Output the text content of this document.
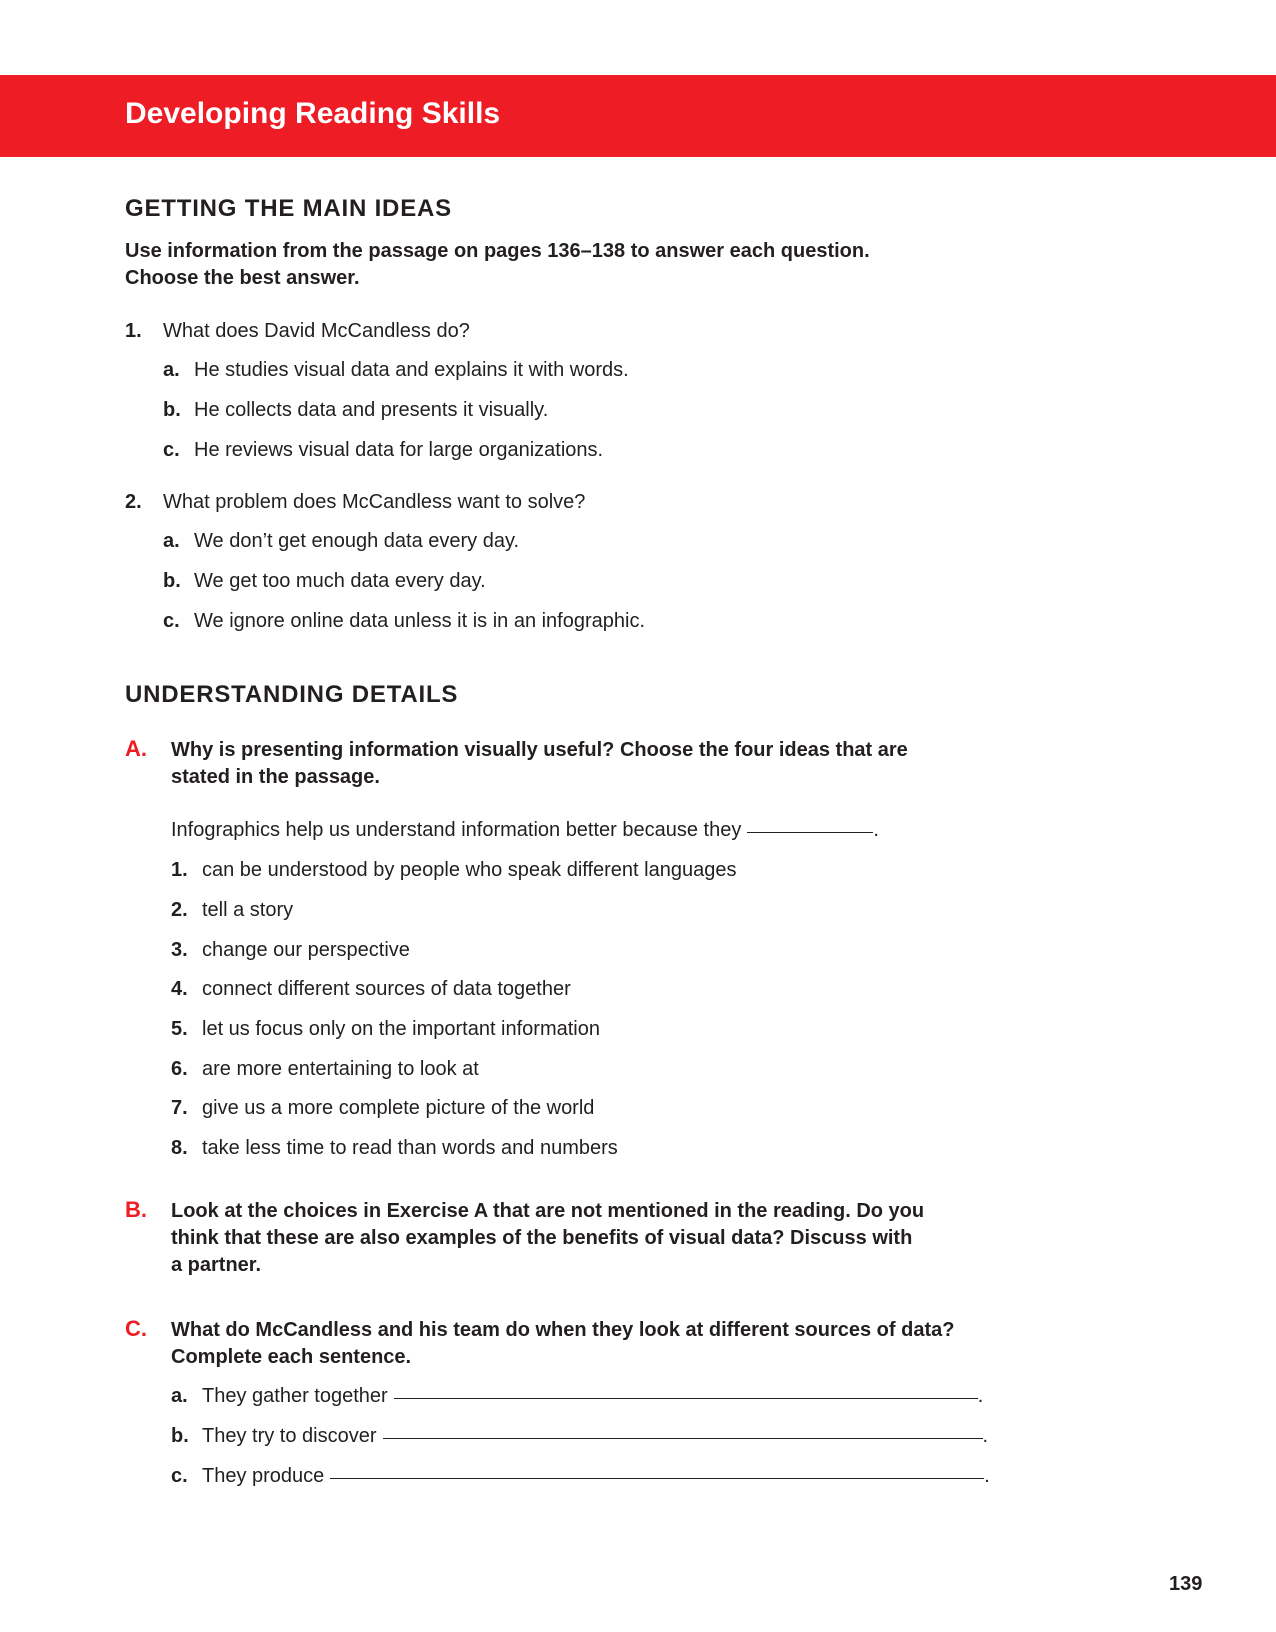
Developing Reading Skills
GETTING THE MAIN IDEAS
Use information from the passage on pages 136–138 to answer each question.
Choose the best answer.
1. What does David McCandless do?
a. He studies visual data and explains it with words.
b. He collects data and presents it visually.
c. He reviews visual data for large organizations.
2. What problem does McCandless want to solve?
a. We don’t get enough data every day.
b. We get too much data every day.
c. We ignore online data unless it is in an infographic.
UNDERSTANDING DETAILS
A. Why is presenting information visually useful? Choose the four ideas that are
stated in the passage.
Infographics help us understand information better because they	.
1. can be understood by people who speak different languages
2. tell a story
3. change our perspective
4. connect different sources of data together
5. let us focus only on the important information
6. are more entertaining to look at
7. give us a more complete picture of the world
8. take less time to read than words and numbers
B. Look at the choices in Exercise A that are not mentioned in the reading. Do you
think that these are also examples of the benefits of visual data? Discuss with
a partner.
C. What do McCandless and his team do when they look at different sources of data?
Complete each sentence.
a. They gather together	.
b. They try to discover	.
c. They produce	.
139
